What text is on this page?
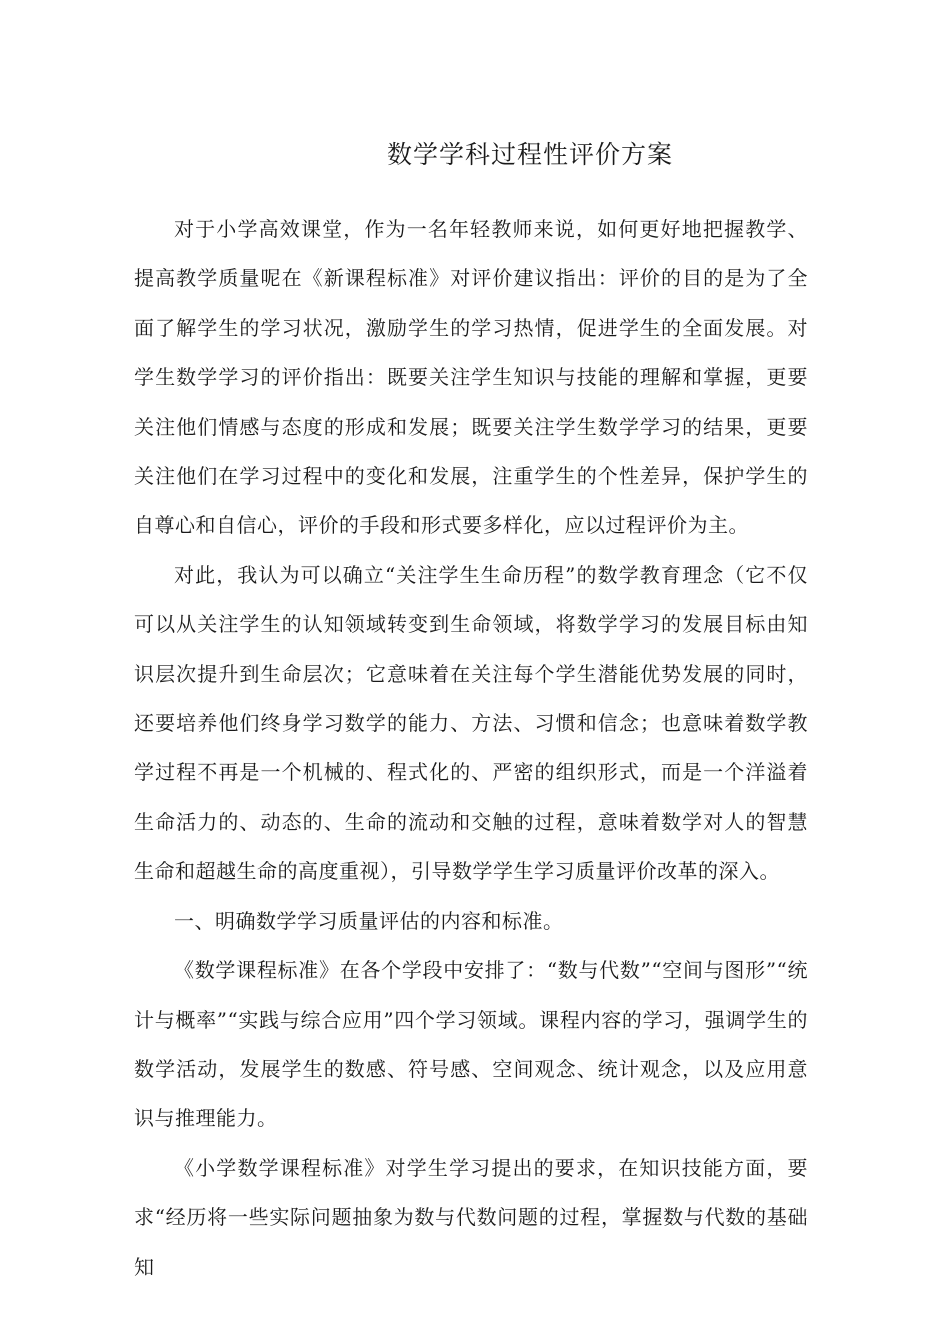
数学学科过程性评价方案

对于小学高效课堂，作为一名年轻教师来说，如何更好地把握教学、提高教学质量呢在《新课程标准》对评价建议指出：评价的目的是为了全面了解学生的学习状况，激励学生的学习热情，促进学生的全面发展。对学生数学学习的评价指出：既要关注学生知识与技能的理解和掌握，更要关注他们情感与态度的形成和发展；既要关注学生数学学习的结果，更要关注他们在学习过程中的变化和发展，注重学生的个性差异，保护学生的自尊心和自信心，评价的手段和形式要多样化，应以过程评价为主。

对此，我认为可以确立“关注学生生命历程”的数学教育理念（它不仅可以从关注学生的认知领域转变到生命领域，将数学学习的发展目标由知识层次提升到生命层次；它意味着在关注每个学生潜能优势发展的同时，还要培养他们终身学习数学的能力、方法、习惯和信念；也意味着数学教学过程不再是一个机械的、程式化的、严密的组织形式，而是一个洋溢着生命活力的、动态的、生命的流动和交触的过程，意味着数学对人的智慧生命和超越生命的高度重视），引导数学学生学习质量评价改革的深入。

一、明确数学学习质量评估的内容和标准。

《数学课程标准》在各个学段中安排了：“数与代数”“空间与图形”“统计与概率”“实践与综合应用”四个学习领域。课程内容的学习，强调学生的数学活动，发展学生的数感、符号感、空间观念、统计观念，以及应用意识与推理能力。

《小学数学课程标准》对学生学习提出的要求，在知识技能方面，要求“经历将一些实际问题抽象为数与代数问题的过程，掌握数与代数的基础知
